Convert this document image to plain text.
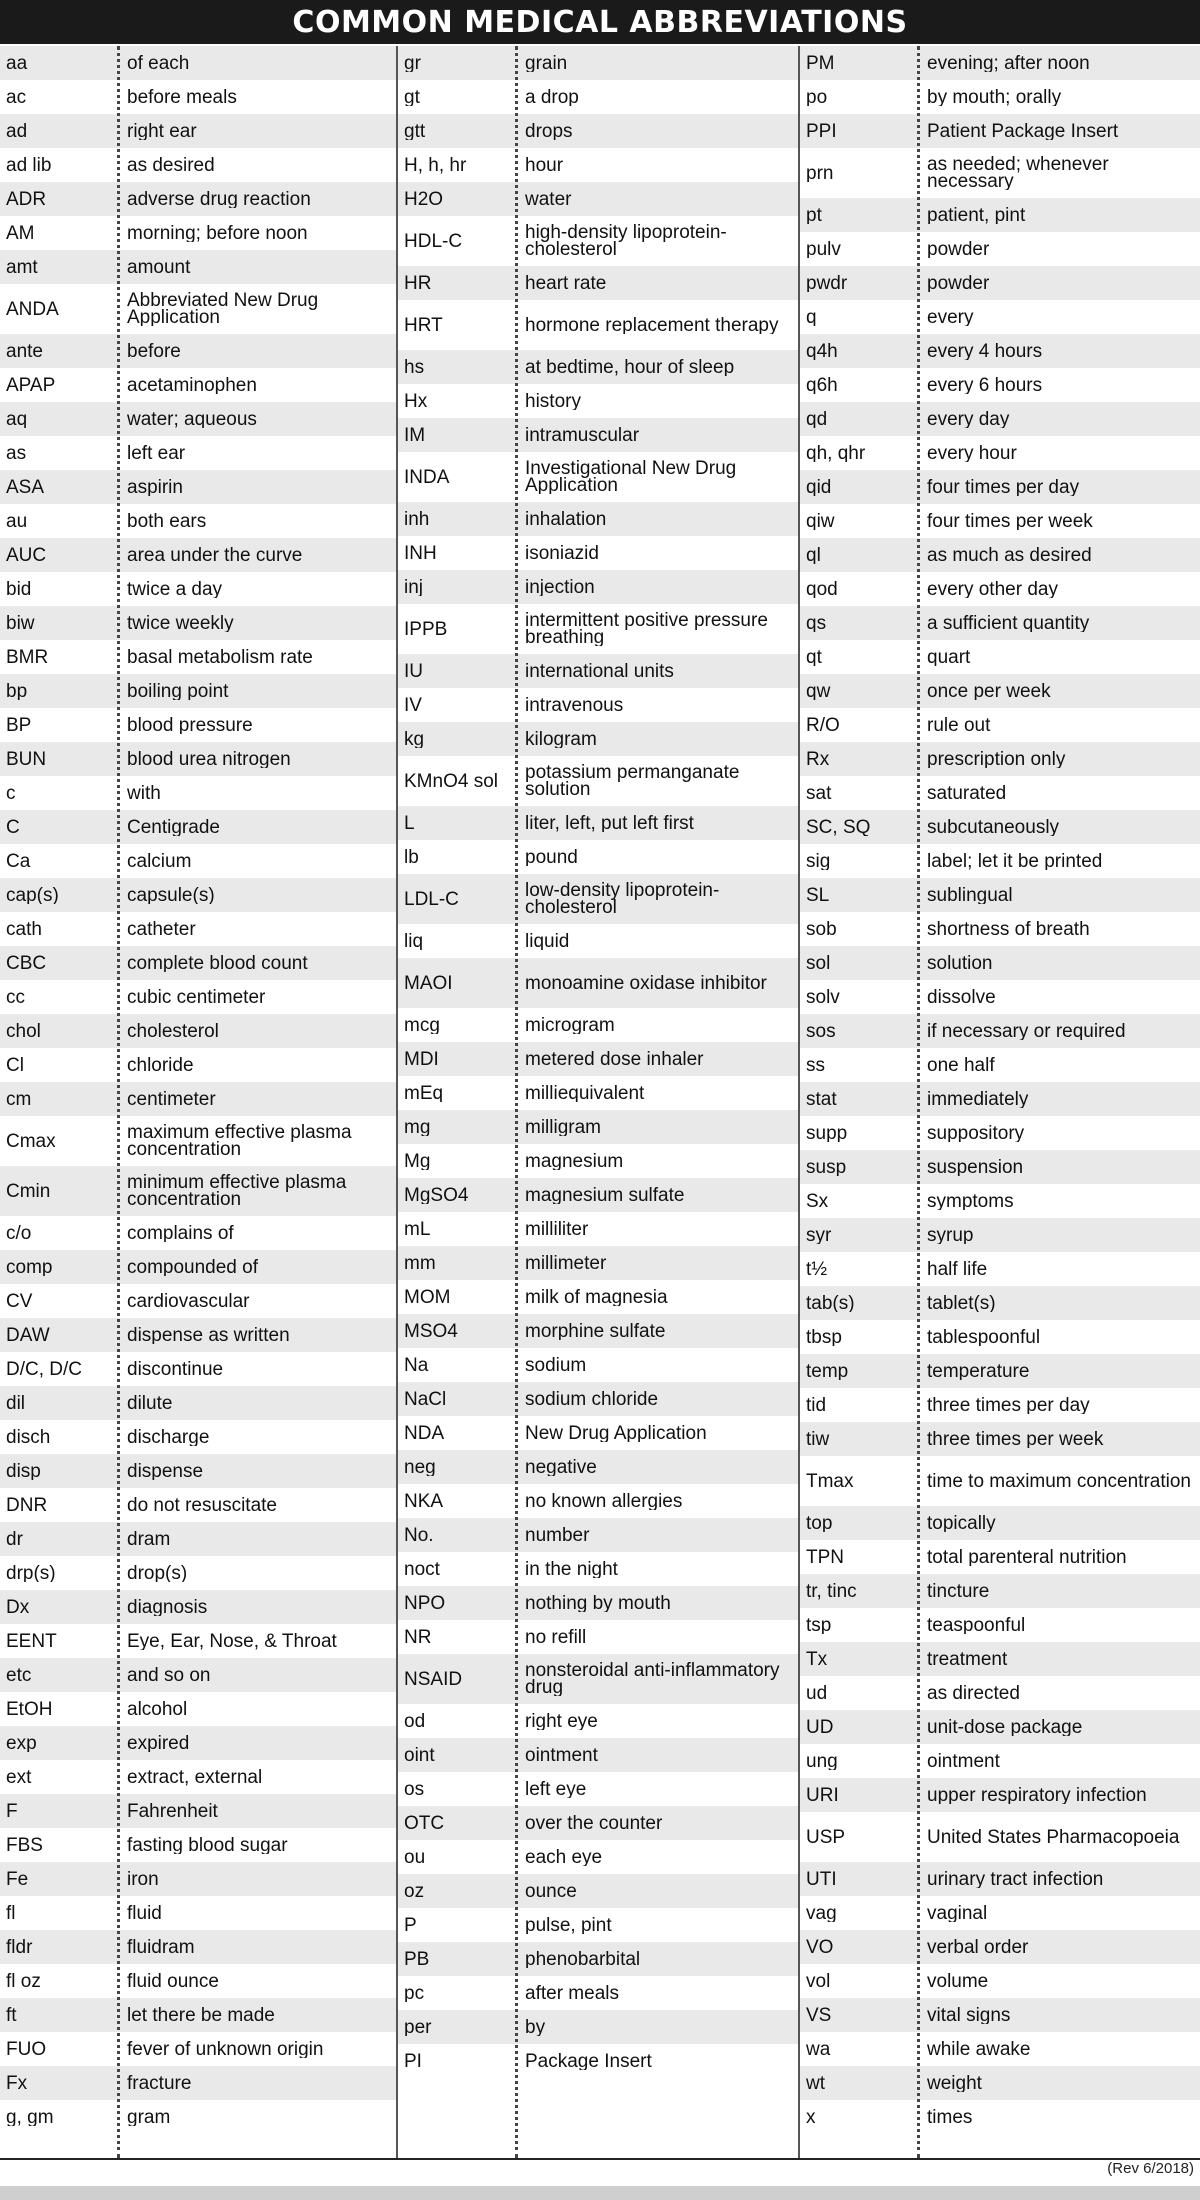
COMMON MEDICAL ABBREVIATIONS
aa	of each
ac	before meals
ad	right ear
ad lib	as desired
ADR	adverse drug reaction
AM	morning; before noon
amt	amount
ANDA	Abbreviated New Drug Application
ante	before
APAP	acetaminophen
aq	water; aqueous
as	left ear
ASA	aspirin
au	both ears
AUC	area under the curve
bid	twice a day
biw	twice weekly
BMR	basal metabolism rate
bp	boiling point
BP	blood pressure
BUN	blood urea nitrogen
c	with
C	Centigrade
Ca	calcium
cap(s)	capsule(s)
cath	catheter
CBC	complete blood count
cc	cubic centimeter
chol	cholesterol
Cl	chloride
cm	centimeter
Cmax	maximum effective plasma concentration
Cmin	minimum effective plasma concentration
c/o	complains of
comp	compounded of
CV	cardiovascular
DAW	dispense as written
D/C, D/C	discontinue
dil	dilute
disch	discharge
disp	dispense
DNR	do not resuscitate
dr	dram
drp(s)	drop(s)
Dx	diagnosis
EENT	Eye, Ear, Nose, & Throat
etc	and so on
EtOH	alcohol
exp	expired
ext	extract, external
F	Fahrenheit
FBS	fasting blood sugar
Fe	iron
fl	fluid
fldr	fluidram
fl oz	fluid ounce
ft	let there be made
FUO	fever of unknown origin
Fx	fracture
g, gm	gram
gr	grain
gt	a drop
gtt	drops
H, h, hr	hour
H2O	water
HDL-C	high-density lipoprotein-cholesterol
HR	heart rate
HRT	hormone replacement therapy
hs	at bedtime, hour of sleep
Hx	history
IM	intramuscular
INDA	Investigational New Drug Application
inh	inhalation
INH	isoniazid
inj	injection
IPPB	intermittent positive pressure breathing
IU	international units
IV	intravenous
kg	kilogram
KMnO4 sol	potassium permanganate solution
L	liter, left, put left first
lb	pound
LDL-C	low-density lipoprotein-cholesterol
liq	liquid
MAOI	monoamine oxidase inhibitor
mcg	microgram
MDI	metered dose inhaler
mEq	milliequivalent
mg	milligram
Mg	magnesium
MgSO4	magnesium sulfate
mL	milliliter
mm	millimeter
MOM	milk of magnesia
MSO4	morphine sulfate
Na	sodium
NaCl	sodium chloride
NDA	New Drug Application
neg	negative
NKA	no known allergies
No.	number
noct	in the night
NPO	nothing by mouth
NR	no refill
NSAID	nonsteroidal anti-inflammatory drug
od	right eye
oint	ointment
os	left eye
OTC	over the counter
ou	each eye
oz	ounce
P	pulse, pint
PB	phenobarbital
pc	after meals
per	by
PI	Package Insert
PM	evening; after noon
po	by mouth; orally
PPI	Patient Package Insert
prn	as needed; whenever necessary
pt	patient, pint
pulv	powder
pwdr	powder
q	every
q4h	every 4 hours
q6h	every 6 hours
qd	every day
qh, qhr	every hour
qid	four times per day
qiw	four times per week
ql	as much as desired
qod	every other day
qs	a sufficient quantity
qt	quart
qw	once per week
R/O	rule out
Rx	prescription only
sat	saturated
SC, SQ	subcutaneously
sig	label; let it be printed
SL	sublingual
sob	shortness of breath
sol	solution
solv	dissolve
sos	if necessary or required
ss	one half
stat	immediately
supp	suppository
susp	suspension
Sx	symptoms
syr	syrup
t½	half life
tab(s)	tablet(s)
tbsp	tablespoonful
temp	temperature
tid	three times per day
tiw	three times per week
Tmax	time to maximum concentration
top	topically
TPN	total parenteral nutrition
tr, tinc	tincture
tsp	teaspoonful
Tx	treatment
ud	as directed
UD	unit-dose package
ung	ointment
URI	upper respiratory infection
USP	United States Pharmacopoeia
UTI	urinary tract infection
vag	vaginal
VO	verbal order
vol	volume
VS	vital signs
wa	while awake
wt	weight
x	times
(Rev 6/2018)
